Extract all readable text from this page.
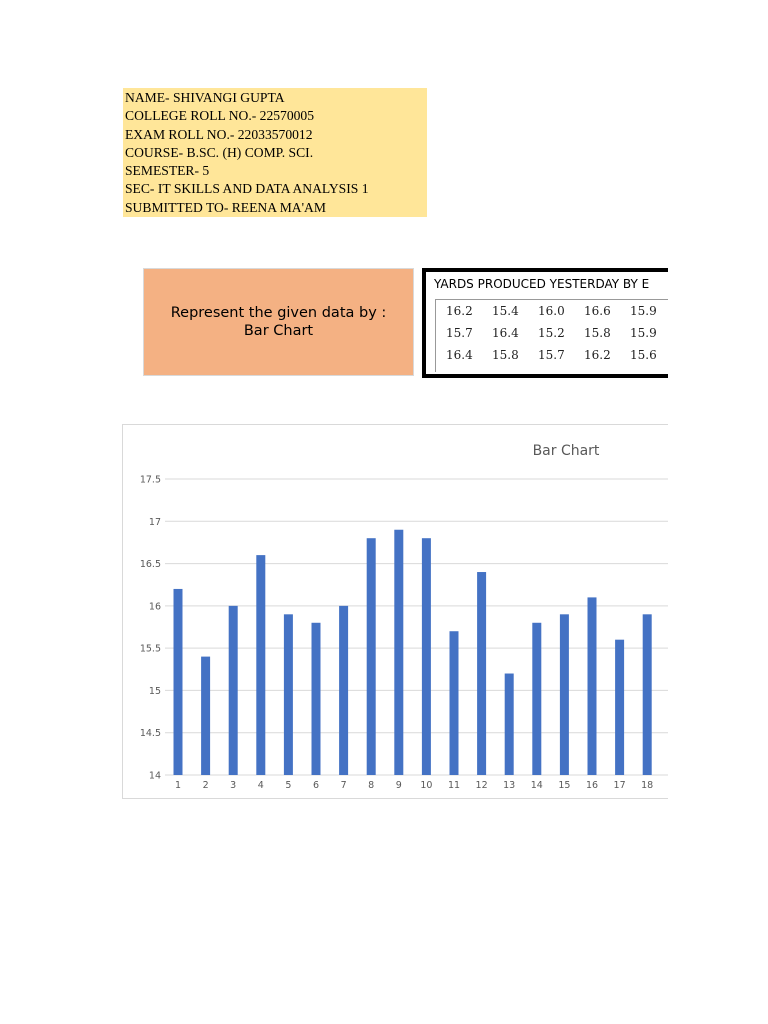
NAME- SHIVANGI GUPTA
COLLEGE ROLL NO.- 22570005
EXAM ROLL NO.- 22033570012
COURSE- B.SC. (H) COMP. SCI.
SEMESTER- 5
SEC- IT SKILLS AND DATA ANALYSIS 1
SUBMITTED TO- REENA MA'AM
Represent the given data by :
Bar Chart
YARDS PRODUCED YESTERDAY BY E
16.2	15.4	16.0	16.6	15.9
15.7	16.4	15.2	15.8	15.9
16.4	15.8	15.7	16.2	15.6
Bar Chart
14
14.5
15
15.5
16
16.5
17
17.5
1 2 3 4 5 6 7 8 9 10 11 12 13 14 15 16 17 18
